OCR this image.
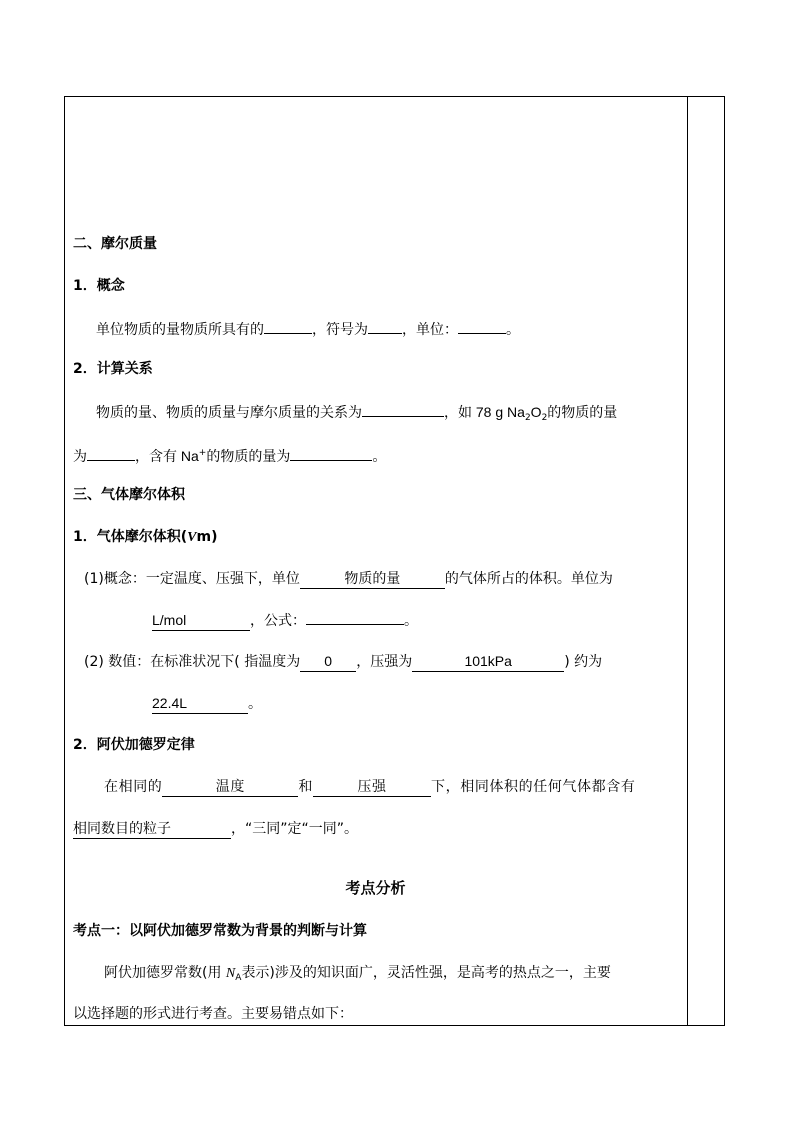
二、摩尔质量
1．概念
单位物质的量物质所具有的	，符号为 ，单位：	。
2．计算关系
物质的量、物质的质量与摩尔质量的关系为	，如 78 g $Na_2O_2$的物质的量
为	，含有 Na+的物质的量为	。
三、气体摩尔体积
1．气体摩尔体积(Vm)
(1)概念：一定温度、压强下，单位	物质的量	的气体所占的体积。单位为
L/mol	，公式：	。
(2) 数值：在标准状况下( 指温度为 0 ，压强为	101kPa	) 约为
22.4L	。
2．阿伏加德罗定律
在相同的	温度	和	压强	下，相同体积的任何气体都含有
相同数目的粒子	，“三同”定“一同”。
考点分析
考点一：以阿伏加德罗常数为背景的判断与计算
阿伏加德罗常数(用 $N_A$表示)涉及的知识面广，灵活性强，是高考的热点之一，主要
以选择题的形式进行考查。主要易错点如下：
